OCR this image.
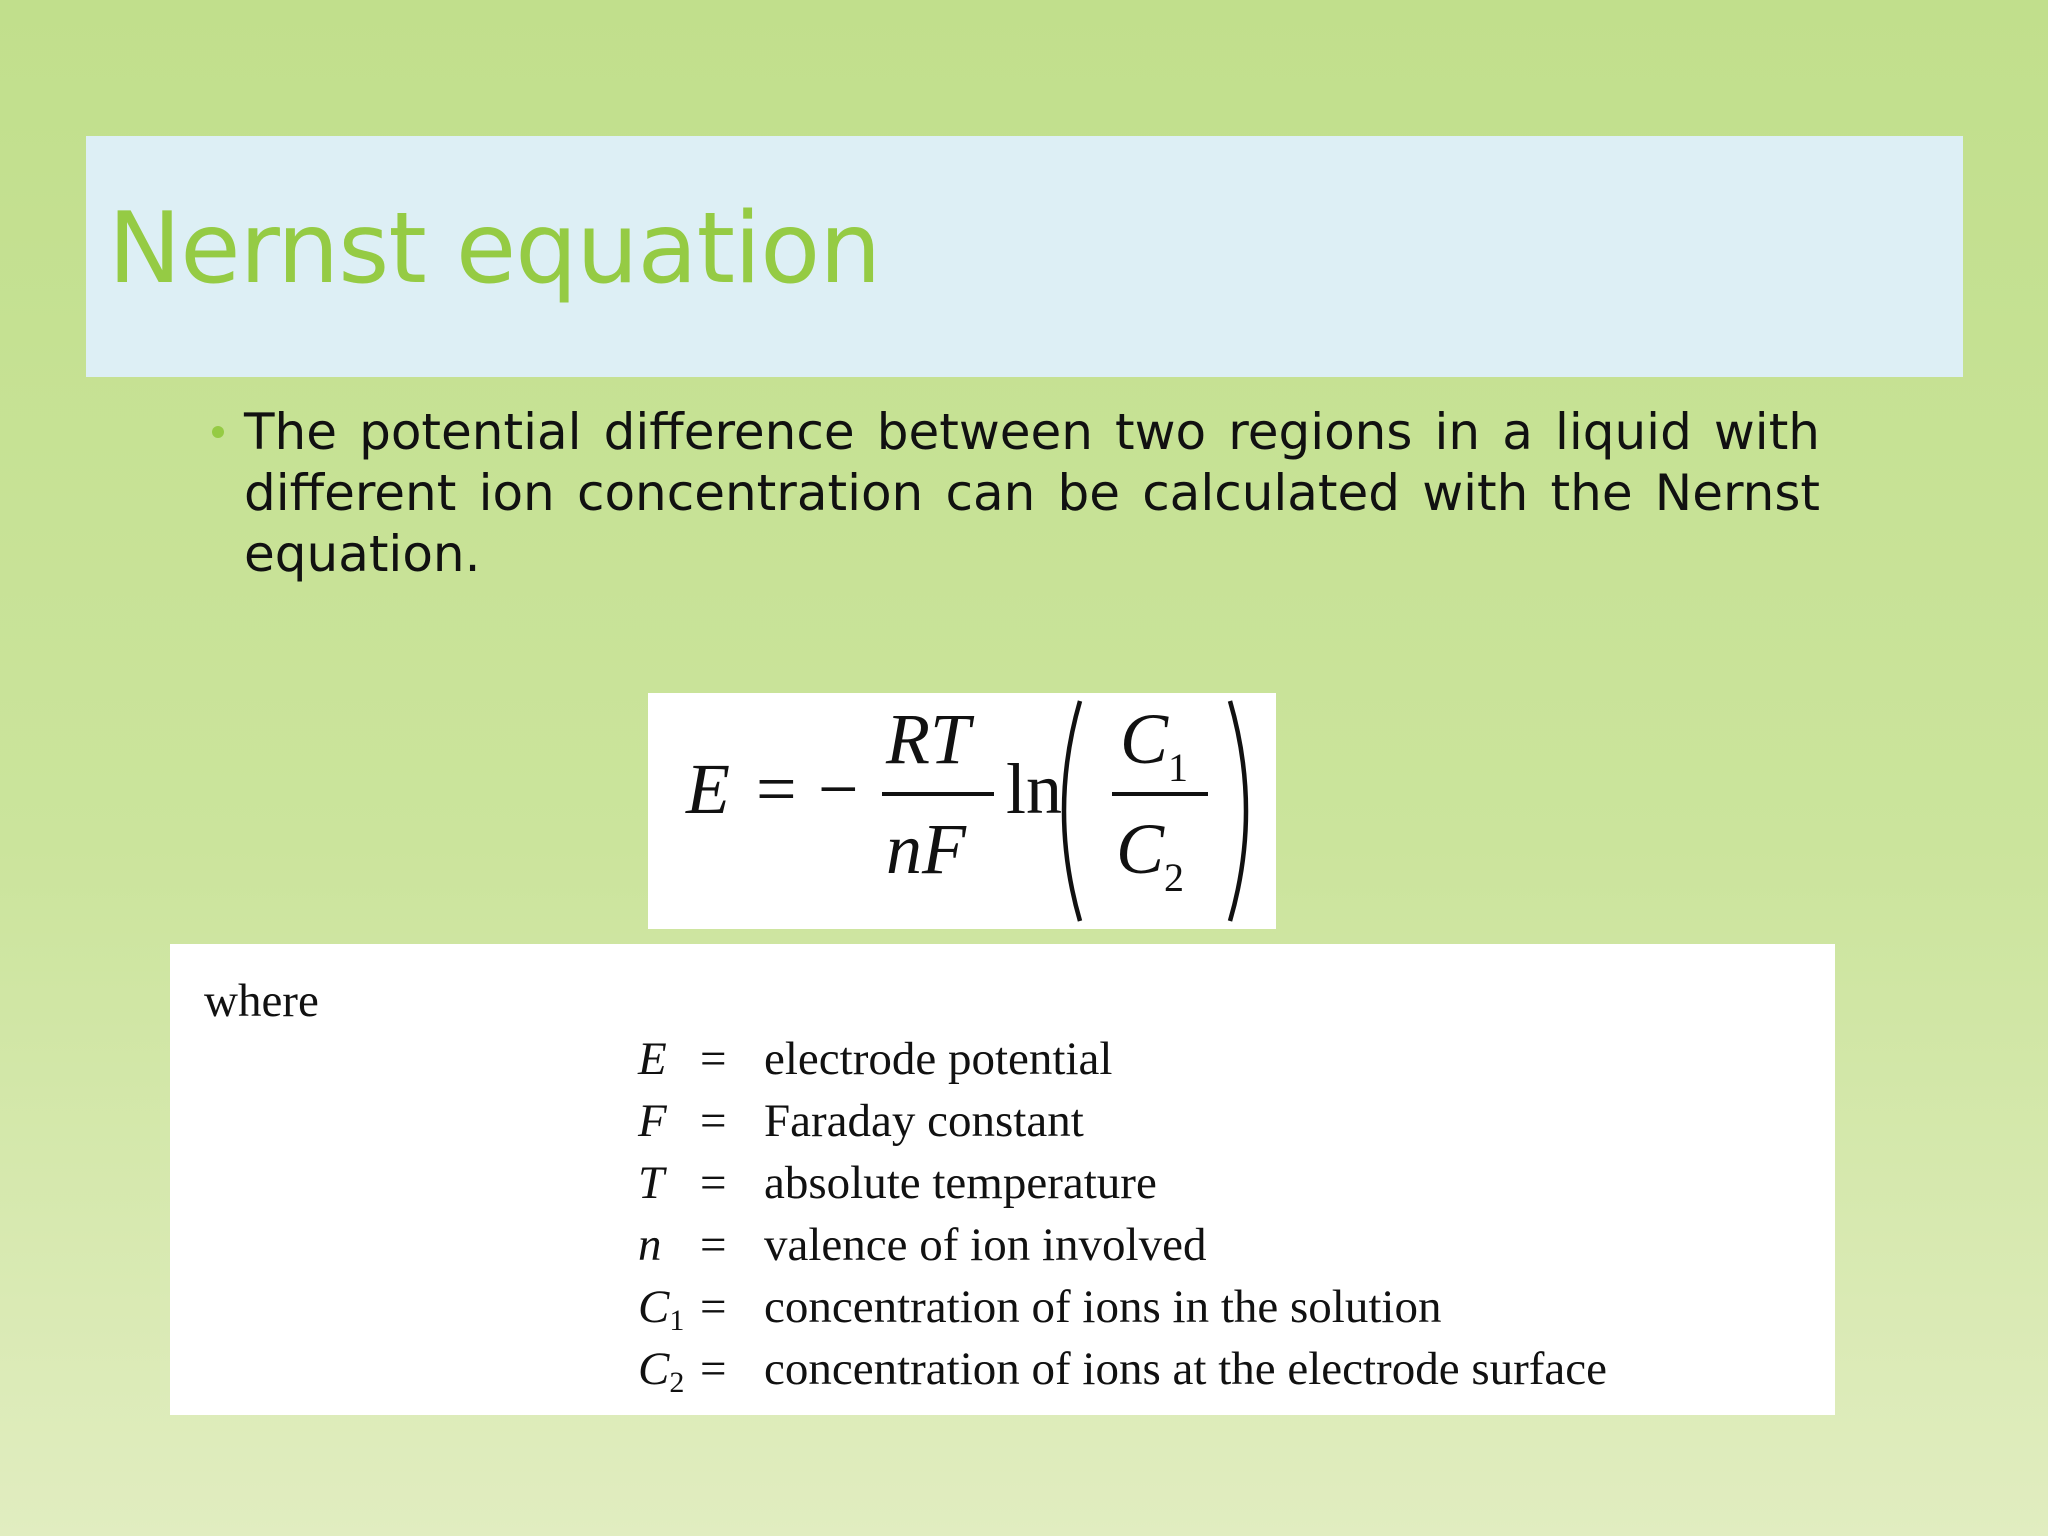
Nernst equation
The potential difference between two regions in a liquid with different ion concentration can be calculated with the Nernst equation.
E = −
RT
nF
ln
C 1
C 2
where
E = electrode potential
F = Faraday constant
T = absolute temperature
n = valence of ion involved
$C_1$ = concentration of ions in the solution
$C_2$ = concentration of ions at the electrode surface
